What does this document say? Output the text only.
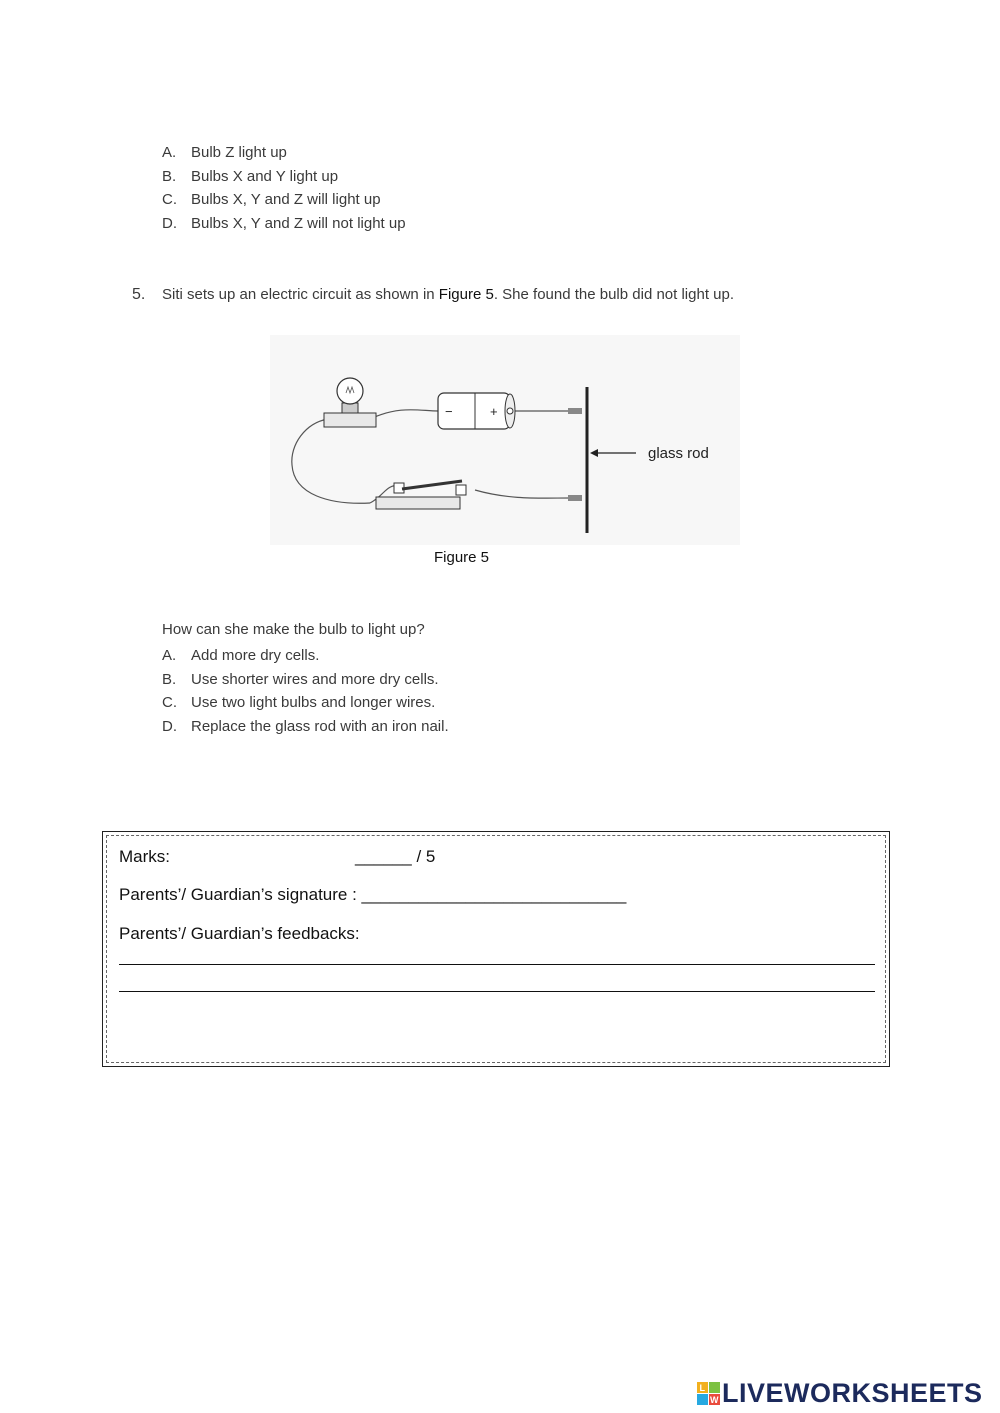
A. Bulb Z light up
B. Bulbs X and Y light up
C. Bulbs X, Y and Z will light up
D. Bulbs X, Y and Z will not light up
5. Siti sets up an electric circuit as shown in Figure 5. She found the bulb did not light up.
−	+
glass rod
Figure 5
How can she make the bulb to light up?
A. Add more dry cells.
B. Use shorter wires and more dry cells.
C. Use two light bulbs and longer wires.
D. Replace the glass rod with an iron nail.
Marks:	______ / 5
Parents’/ Guardian’s signature : ____________________________
Parents’/ Guardian’s feedbacks:
L
W LIVEWORKSHEETS
